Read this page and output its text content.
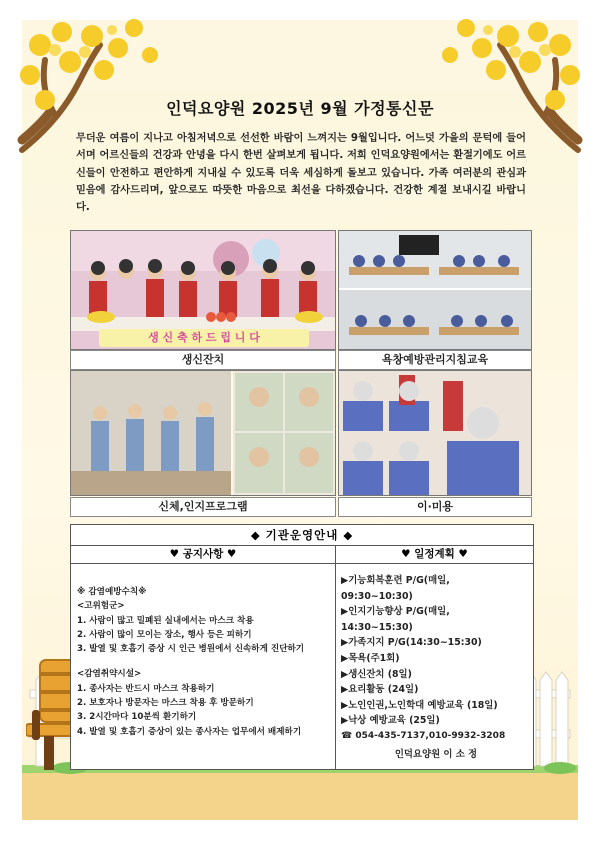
인덕요양원 2025년 9월 가정통신문
무더운 여름이 지나고 아침저녁으로 선선한 바람이 느껴지는 9월입니다. 어느덧 가을의 문턱에 들어서며 어르신들의 건강과 안녕을 다시 한번 살펴보게 됩니다. 저희 인덕요양원에서는 환절기에도 어르신들이 안전하고 편안하게 지내실 수 있도록 더욱 세심하게 돌보고 있습니다. 가족 여러분의 관심과 믿음에 감사드리며, 앞으로도 따뜻한 마음으로 최선을 다하겠습니다. 건강한 계절 보내시길 바랍니다.
생 신 축 하 드 립 니 다
생신잔치	욕창예방관리지침교육
신체,인지프로그램	이·미용
◆ 기관운영안내 ◆
♥ 공지사항 ♥	♥ 일정계획 ♥
※ 감염예방수칙※
<고위험군>
1. 사람이 많고 밀폐된 실내에서는 마스크 착용
2. 사람이 많이 모이는 장소, 행사 등은 피하기
3. 발열 및 호흡기 증상 시 인근 병원에서 신속하게 진단하기
<감염취약시설>
1. 종사자는 반드시 마스크 착용하기
2. 보호자나 방문자는 마스크 착용 후 방문하기
3. 2시간마다 10분씩 환기하기
4. 발열 및 호흡기 증상이 있는 종사자는 업무에서 배제하기
▶기능회복훈련 P/G(매일,
09:30~10:30)
▶인지기능향상 P/G(매일,
14:30~15:30)
▶가족지지 P/G(14:30~15:30)
▶목욕(주1회)
▶생신잔치 (8일)
▶요리활동 (24일)
▶노인인권,노인학대 예방교육 (18일)
▶낙상 예방교육 (25일)
☎ 054-435-7137,010-9932-3208
인덕요양원 이 소 정
